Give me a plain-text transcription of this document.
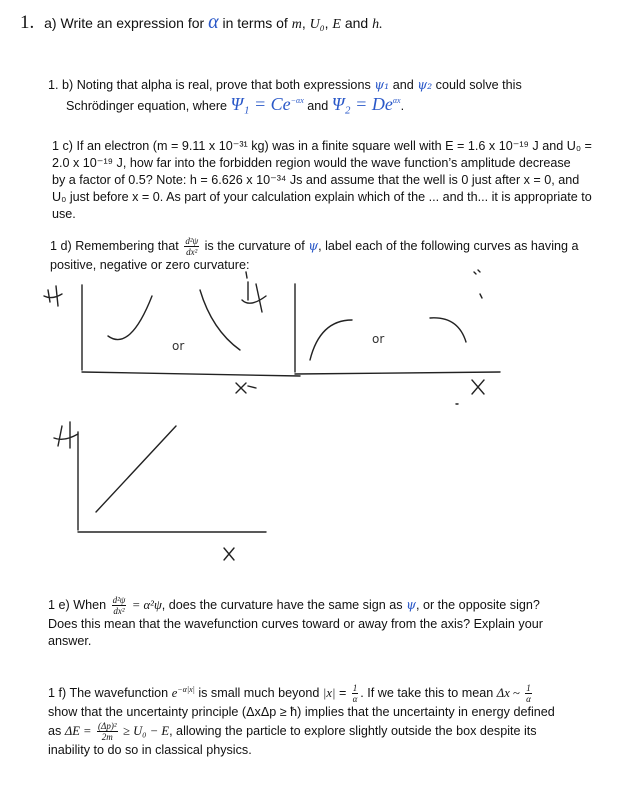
1. a) Write an expression for α in terms of m, U₀, E and h.
1. b) Noting that alpha is real, prove that both expressions ψ₁ and ψ₂ could solve this
Schrödinger equation, where $\Psi_1 = Ce^{-\alpha x}$ and $\Psi_2 = De^{\alpha x}$.
1 c) If an electron (m = 9.11 x 10⁻³¹ kg) was in a finite square well with E = 1.6 x 10⁻¹⁹ J and U₀ =
2.0 x 10⁻¹⁹ J, how far into the forbidden region would the wave function’s amplitude decrease
by a factor of 0.5? Note: h = 6.626 x 10⁻³⁴ Js and assume that the well is 0 just after x = 0, and
U₀ just before x = 0. As part of your calculation explain which of the ... and th... it is appropriate to
use.
1 d) Remembering that $\frac{\text{d²ψ}}{\text{dx²}}$ is the curvature of ψ, label each of the following curves as having a
positive, negative or zero curvature:
or	or
1 e) When $\frac{\text{d²ψ}}{\text{dx²}} = \alpha^2\psi$, does the curvature have the same sign as ψ, or the opposite sign?
Does this mean that the wavefunction curves toward or away from the axis? Explain your
answer.
1 f) The wavefunction $e^{-\alpha|x|}$ is small much beyond $|x| = \frac{1}{\alpha}$ . If we take this to mean Δx ~ $\frac{1}{\alpha}$
show that the uncertainty principle (ΔxΔp ≥ ħ) implies that the uncertainty in energy defined
as $\Delta E = \frac{\text{(Δp)²}}{2m} \ge U_0 - E$, allowing the particle to explore slightly outside the box despite its
inability to do so in classical physics.
